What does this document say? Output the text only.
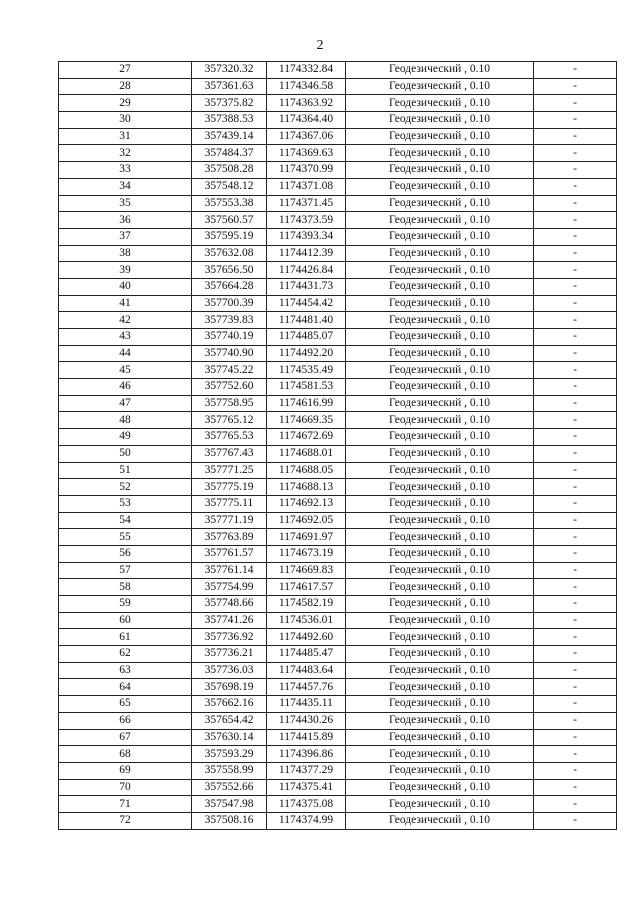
2
27	357320.32	1174332.84	Геодезический , 0.10	-
28	357361.63	1174346.58	Геодезический , 0.10	-
29	357375.82	1174363.92	Геодезический , 0.10	-
30	357388.53	1174364.40	Геодезический , 0.10	-
31	357439.14	1174367.06	Геодезический , 0.10	-
32	357484.37	1174369.63	Геодезический , 0.10	-
33	357508.28	1174370.99	Геодезический , 0.10	-
34	357548.12	1174371.08	Геодезический , 0.10	-
35	357553.38	1174371.45	Геодезический , 0.10	-
36	357560.57	1174373.59	Геодезический , 0.10	-
37	357595.19	1174393.34	Геодезический , 0.10	-
38	357632.08	1174412.39	Геодезический , 0.10	-
39	357656.50	1174426.84	Геодезический , 0.10	-
40	357664.28	1174431.73	Геодезический , 0.10	-
41	357700.39	1174454.42	Геодезический , 0.10	-
42	357739.83	1174481.40	Геодезический , 0.10	-
43	357740.19	1174485.07	Геодезический , 0.10	-
44	357740.90	1174492.20	Геодезический , 0.10	-
45	357745.22	1174535.49	Геодезический , 0.10	-
46	357752.60	1174581.53	Геодезический , 0.10	-
47	357758.95	1174616.99	Геодезический , 0.10	-
48	357765.12	1174669.35	Геодезический , 0.10	-
49	357765.53	1174672.69	Геодезический , 0.10	-
50	357767.43	1174688.01	Геодезический , 0.10	-
51	357771.25	1174688.05	Геодезический , 0.10	-
52	357775.19	1174688.13	Геодезический , 0.10	-
53	357775.11	1174692.13	Геодезический , 0.10	-
54	357771.19	1174692.05	Геодезический , 0.10	-
55	357763.89	1174691.97	Геодезический , 0.10	-
56	357761.57	1174673.19	Геодезический , 0.10	-
57	357761.14	1174669.83	Геодезический , 0.10	-
58	357754.99	1174617.57	Геодезический , 0.10	-
59	357748.66	1174582.19	Геодезический , 0.10	-
60	357741.26	1174536.01	Геодезический , 0.10	-
61	357736.92	1174492.60	Геодезический , 0.10	-
62	357736.21	1174485.47	Геодезический , 0.10	-
63	357736.03	1174483.64	Геодезический , 0.10	-
64	357698.19	1174457.76	Геодезический , 0.10	-
65	357662.16	1174435.11	Геодезический , 0.10	-
66	357654.42	1174430.26	Геодезический , 0.10	-
67	357630.14	1174415.89	Геодезический , 0.10	-
68	357593.29	1174396.86	Геодезический , 0.10	-
69	357558.99	1174377.29	Геодезический , 0.10	-
70	357552.66	1174375.41	Геодезический , 0.10	-
71	357547.98	1174375.08	Геодезический , 0.10	-
72	357508.16	1174374.99	Геодезический , 0.10	-
